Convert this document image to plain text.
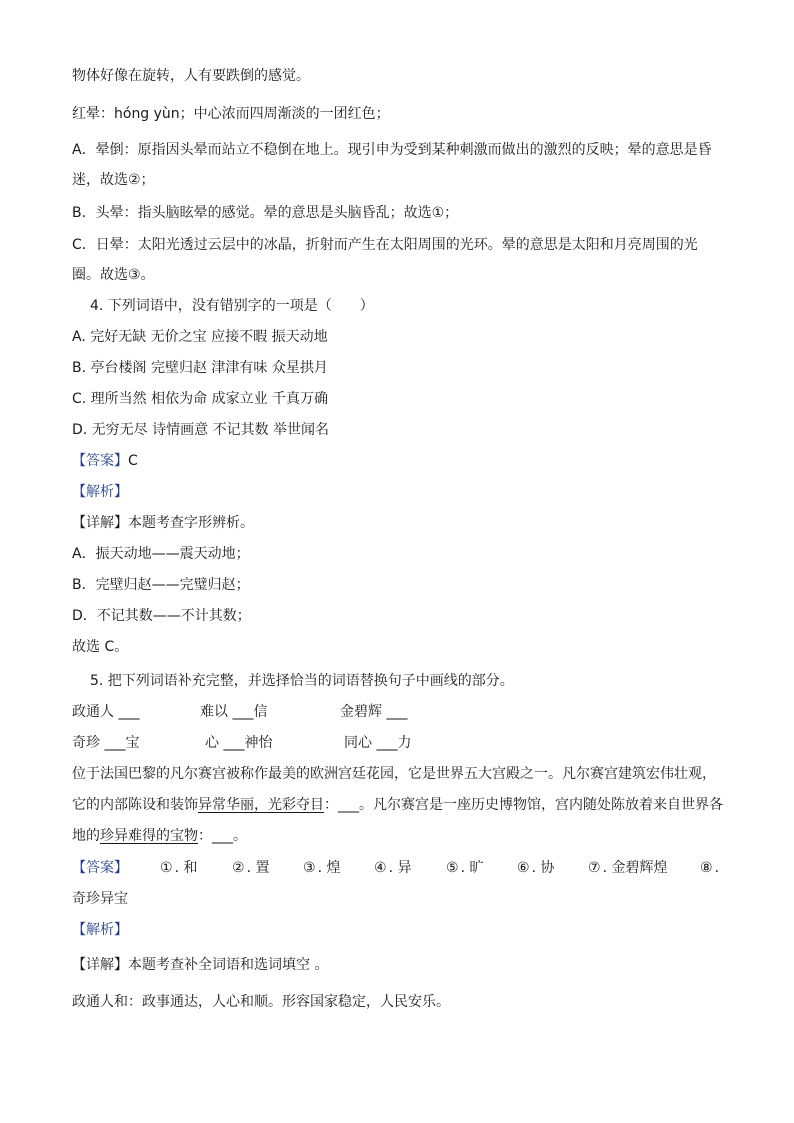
物体好像在旋转，人有要跌倒的感觉。
红晕：hóng yùn；中心浓而四周渐淡的一团红色；
A．晕倒：原指因头晕而站立不稳倒在地上。现引申为受到某种刺激而做出的激烈的反映；晕的意思是昏
迷，故选②；
B．头晕：指头脑眩晕的感觉。晕的意思是头脑昏乱；故选①；
C．日晕：太阳光透过云层中的冰晶，折射而产生在太阳周围的光环。晕的意思是太阳和月亮周围的光
圈。故选③。
4. 下列词语中，没有错别字的一项是（　　）
A. 完好无缺 无价之宝 应接不暇 振天动地
B. 亭台楼阁 完壁归赵 津津有味 众星拱月
C. 理所当然 相依为命 成家立业 千真万确
D. 无穷无尽 诗情画意 不记其数 举世闻名
【答案】C
【解析】
【详解】本题考查字形辨析。
A．振天动地——震天动地；
B．完壁归赵——完璧归赵；
D．不记其数——不计其数；
故选 C。
5. 把下列词语补充完整，并选择恰当的词语替换句子中画线的部分。
政通人 ___	难以 ___信	金碧辉 ___
奇珍 ___宝	心 ___神怡	同心 ___力
位于法国巴黎的凡尔赛宫被称作最美的欧洲宫廷花园，它是世界五大宫殿之一。凡尔赛宫建筑宏伟壮观，
它的内部陈设和装饰异常华丽，光彩夺目：___。凡尔赛宫是一座历史博物馆，宫内随处陈放着来自世界各
地的珍异难得的宝物：___。
【答案】 ① . 和 ② . 置 ③ . 煌 ④ . 异 ⑤ . 旷 ⑥ . 协 ⑦ . 金碧辉煌 ⑧ .
奇珍异宝
【解析】
【详解】本题考查补全词语和选词填空 。
政通人和：政事通达，人心和顺。形容国家稳定，人民安乐。
